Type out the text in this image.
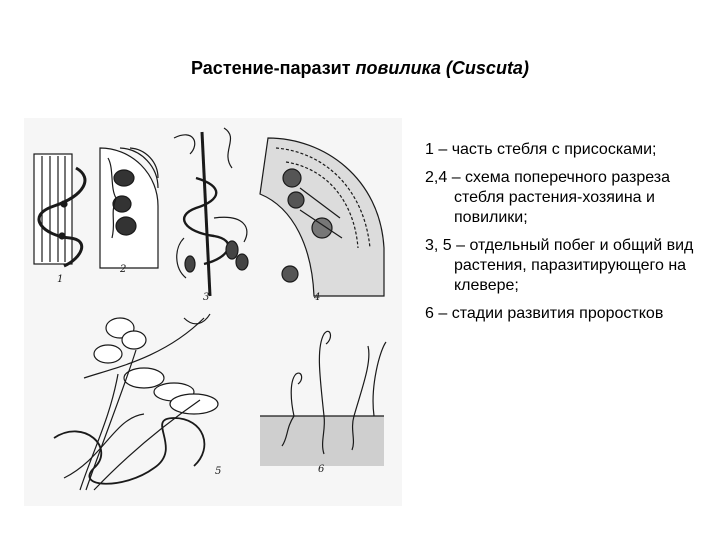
Растение-паразит повилика (Cuscuta)
1
2
3	4
5	6
1 – часть стебля с присосками;
2,4 – схема поперечного разреза стебля растения-хозяина и повилики;
3, 5 – отдельный побег и общий вид растения, паразитирующего на клевере;
6 – стадии развития проростков
